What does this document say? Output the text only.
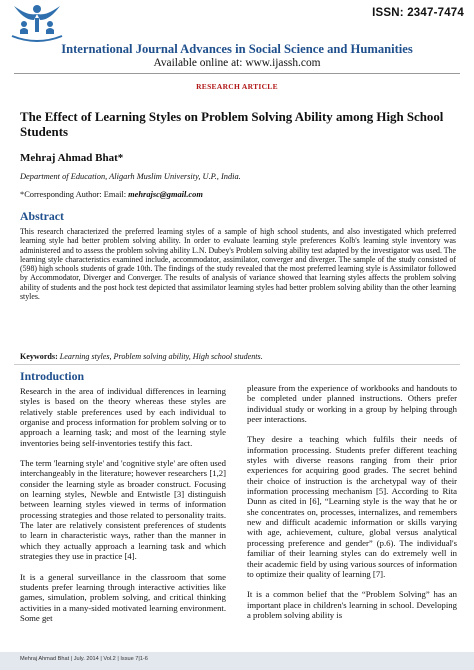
ISSN: 2347-7474
International Journal Advances in Social Science and Humanities
Available online at: www.ijassh.com
RESEARCH ARTICLE
The Effect of Learning Styles on Problem Solving Ability among High School Students
Mehraj Ahmad Bhat*
Department of Education, Aligarh Muslim University, U.P., India.
*Corresponding Author: Email: mehrajsc@gmail.com
Abstract

This research characterized the preferred learning styles of a sample of high school students, and also investigated which preferred learning style had better problem solving ability. In order to evaluate learning style preferences Kolb's learning style inventory was administered and to assess the problem solving ability L.N. Dubey's Problem solving ability test adapted by the investigator was used. The learning style characteristics examined include, accommodator, assimilator, converger and diverger. The sample of the study consisted of (598) high schools students of grade 10th. The findings of the study revealed that the most preferred learning style is Assimilator followed by Accommodator, Diverger and Converger. The results of analysis of variance showed that learning styles affects the problem solving ability of students and the post hock test depicted that assimilator learning styles had better problem solving ability than the other learning styles.

Keywords: Learning styles, Problem solving ability, High school students.
Introduction

Research in the area of individual differences in learning styles is based on the theory whereas these styles are relatively stable preferences used by each individual to organise and process information for problem solving or to approach a learning task; and most of the learning style inventories being self-inventories testify this fact.

The term 'learning style' and 'cognitive style' are often used interchangeably in the literature; however researchers [1,2] consider the learning style as broader construct. Focusing on learning styles, Newble and Entwistle [3] distinguish between learning styles viewed in terms of information processing strategies and those related to personality traits. The later are relatively consistent preferences of students to learn in characteristic ways, rather than the manner in which they actually approach a learning task and which strategies they use in practice [4].

It is a general surveillance in the classroom that some students prefer learning through interactive activities like games, simulation, problem solving, and critical thinking activities in a many-sided motivated learning environment. Some get

pleasure from the experience of workbooks and handouts to be completed under planned instructions. Others prefer individual study or working in a group by helping through peer interactions.

They desire a teaching which fulfils their needs of information processing. Students prefer different teaching styles with diverse reasons ranging from their prior experiences for acquiring good grades. The secret behind their choice of instruction is the archetypal way of their information processing mechanism [5]. According to Rita Dunn as cited in [6], “Learning style is the way that he or she concentrates on, processes, internalizes, and remembers new and difficult academic information or skills varying with age, achievement, culture, global versus analytical processing preference and gender” (p.6). The individual's familiar of their learning styles can do extremely well in their academic field by using various sources of information to optimize their quality of learning [7].

It is a common belief that the “Problem Solving” has an important place in children's learning in school. Developing a problem solving ability is

Mehraj Ahmad Bhat | July. 2014 | Vol.2 | Issue 7|1-6
